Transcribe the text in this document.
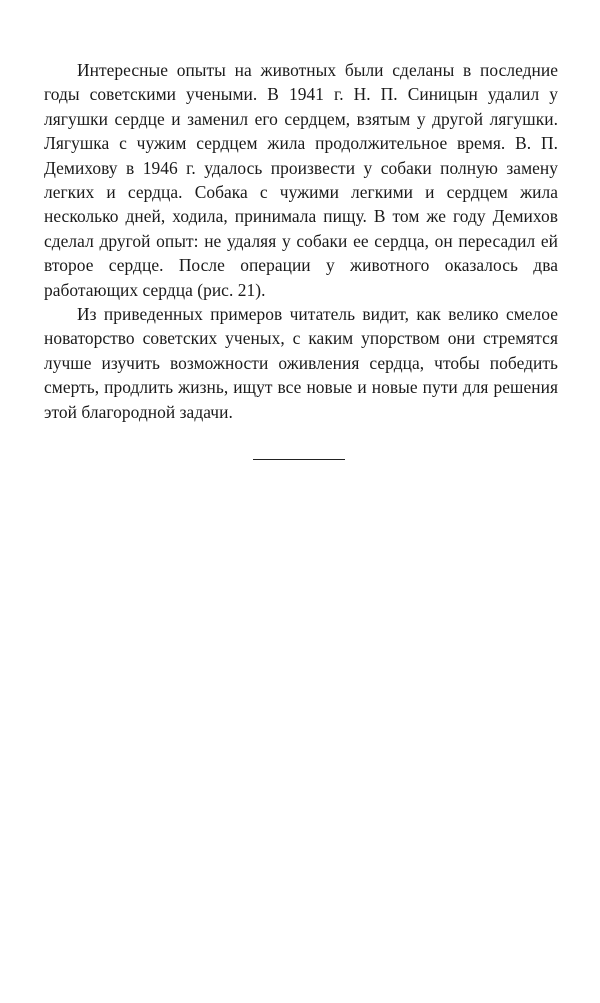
Интересные опыты на животных были сделаны в последние годы советскими учеными. В 1941 г. Н. П. Синицын удалил у лягушки сердце и заменил его сердцем, взятым у другой лягушки. Лягушка с чужим сердцем жила продолжительное время. В. П. Демихову в 1946 г. удалось произвести у собаки полную замену легких и сердца. Собака с чужими легкими и сердцем жила несколько дней, ходила, принимала пищу. В том же году Демихов сделал другой опыт: не удаляя у собаки ее сердца, он пересадил ей второе сердце. После операции у животного оказалось два работающих сердца (рис. 21).

Из приведенных примеров читатель видит, как велико смелое новаторство советских ученых, с каким упорством они стремятся лучше изучить возможности оживления сердца, чтобы победить смерть, продлить жизнь, ищут все новые и новые пути для решения этой благородной задачи.
